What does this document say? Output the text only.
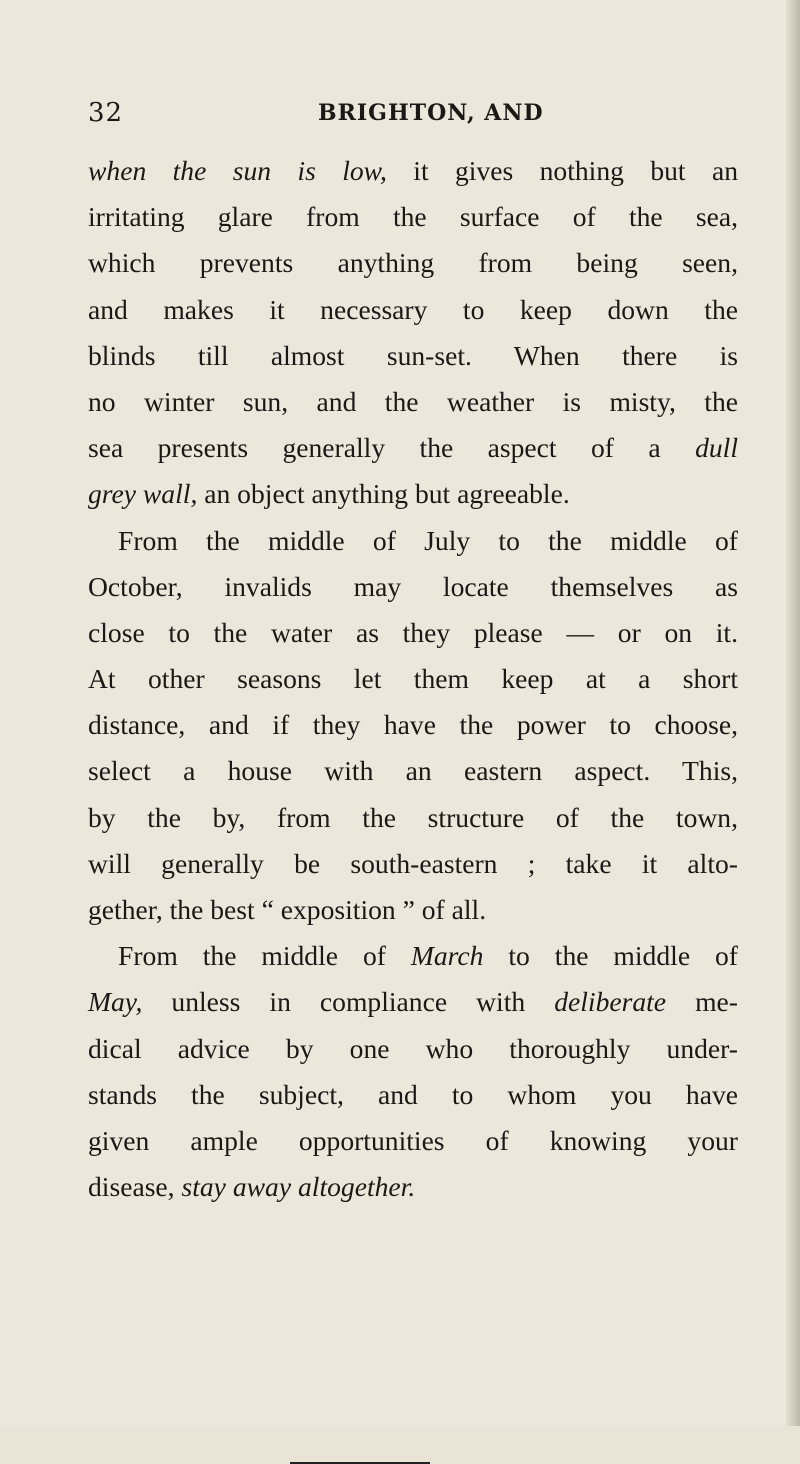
32	BRIGHTON, AND
when the sun is low, it gives nothing but an
irritating glare from the surface of the sea,
which prevents anything from being seen,
and makes it necessary to keep down the
blinds till almost sun-set. When there is
no winter sun, and the weather is misty, the
sea presents generally the aspect of a dull
grey wall, an object anything but agreeable.
From the middle of July to the middle of
October, invalids may locate themselves as
close to the water as they please — or on it.
At other seasons let them keep at a short
distance, and if they have the power to choose,
select a house with an eastern aspect. This,
by the by, from the structure of the town,
will generally be south-eastern ; take it alto-
gether, the best “ exposition ” of all.
From the middle of March to the middle of
May, unless in compliance with deliberate me-
dical advice by one who thoroughly under-
stands the subject, and to whom you have
given ample opportunities of knowing your
disease, stay away altogether.
